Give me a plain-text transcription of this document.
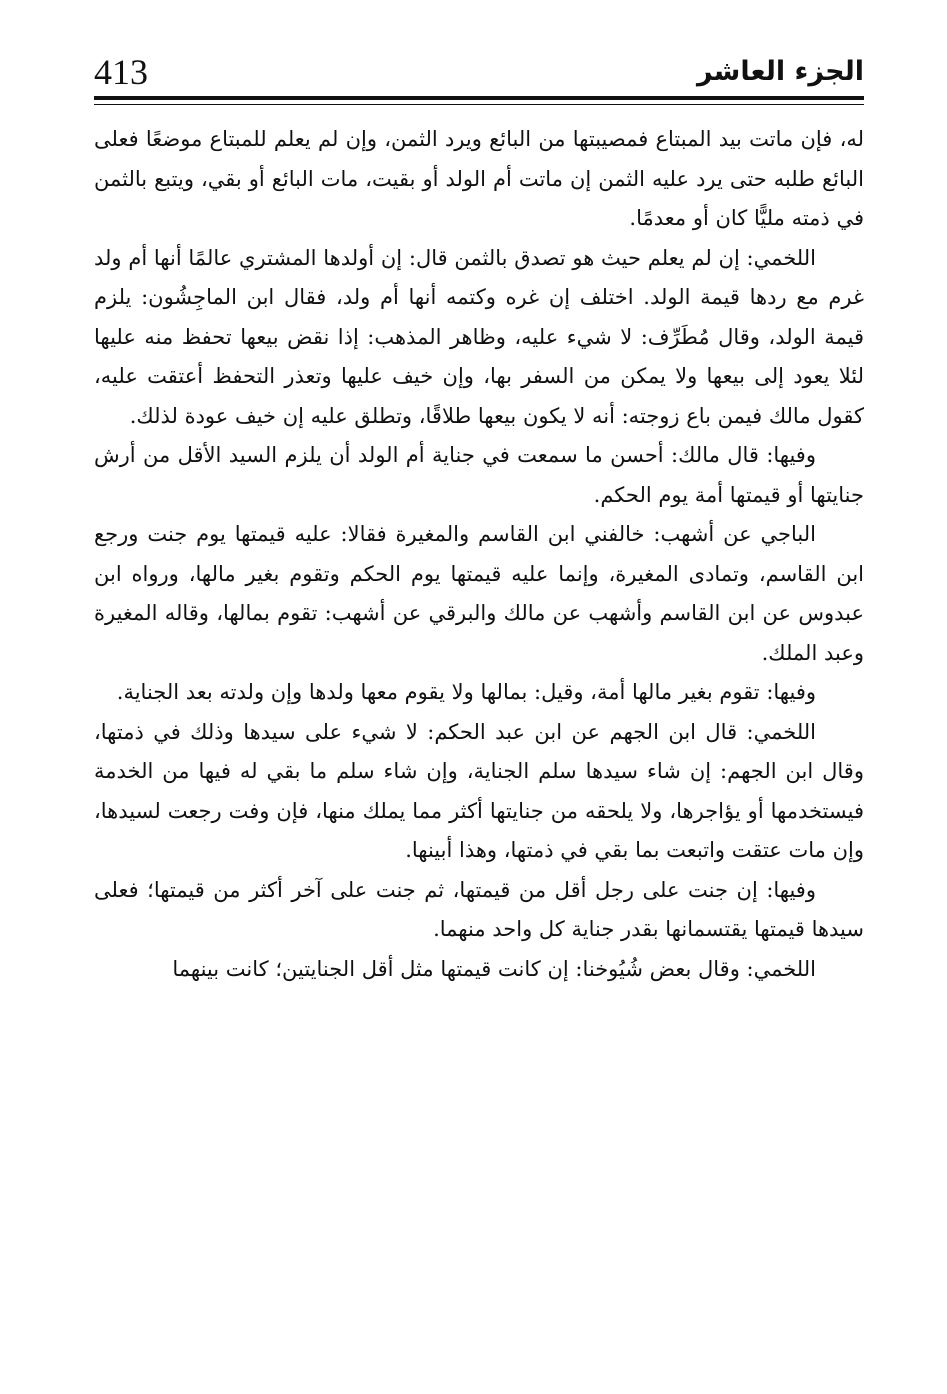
413	الجزء العاشر

له، فإن ماتت بيد المبتاع فمصيبتها من البائع ويرد الثمن، وإن لم يعلم للمبتاع موضعًا فعلى البائع طلبه حتى يرد عليه الثمن إن ماتت أم الولد أو بقيت، مات البائع أو بقي، ويتبع بالثمن في ذمته مليًّا كان أو معدمًا.

اللخمي: إن لم يعلم حيث هو تصدق بالثمن قال: إن أولدها المشتري عالمًا أنها أم ولد غرم مع ردها قيمة الولد. اختلف إن غره وكتمه أنها أم ولد، فقال ابن الماجِشُون: يلزم قيمة الولد، وقال مُطَرِّف: لا شيء عليه، وظاهر المذهب: إذا نقض بيعها تحفظ منه عليها لئلا يعود إلى بيعها ولا يمكن من السفر بها، وإن خيف عليها وتعذر التحفظ أعتقت عليه، كقول مالك فيمن باع زوجته: أنه لا يكون بيعها طلاقًا، وتطلق عليه إن خيف عودة لذلك.

وفيها: قال مالك: أحسن ما سمعت في جناية أم الولد أن يلزم السيد الأقل من أرش جنايتها أو قيمتها أمة يوم الحكم.

الباجي عن أشهب: خالفني ابن القاسم والمغيرة فقالا: عليه قيمتها يوم جنت ورجع ابن القاسم، وتمادى المغيرة، وإنما عليه قيمتها يوم الحكم وتقوم بغير مالها، ورواه ابن عبدوس عن ابن القاسم وأشهب عن مالك والبرقي عن أشهب: تقوم بمالها، وقاله المغيرة وعبد الملك.

وفيها: تقوم بغير مالها أمة، وقيل: بمالها ولا يقوم معها ولدها وإن ولدته بعد الجناية.

اللخمي: قال ابن الجهم عن ابن عبد الحكم: لا شيء على سيدها وذلك في ذمتها، وقال ابن الجهم: إن شاء سيدها سلم الجناية، وإن شاء سلم ما بقي له فيها من الخدمة فيستخدمها أو يؤاجرها، ولا يلحقه من جنايتها أكثر مما يملك منها، فإن وفت رجعت لسيدها، وإن مات عتقت واتبعت بما بقي في ذمتها، وهذا أبينها.

وفيها: إن جنت على رجل أقل من قيمتها، ثم جنت على آخر أكثر من قيمتها؛ فعلى سيدها قيمتها يقتسمانها بقدر جناية كل واحد منهما.

اللخمي: وقال بعض شُيُوخنا: إن كانت قيمتها مثل أقل الجنايتين؛ كانت بينهما
